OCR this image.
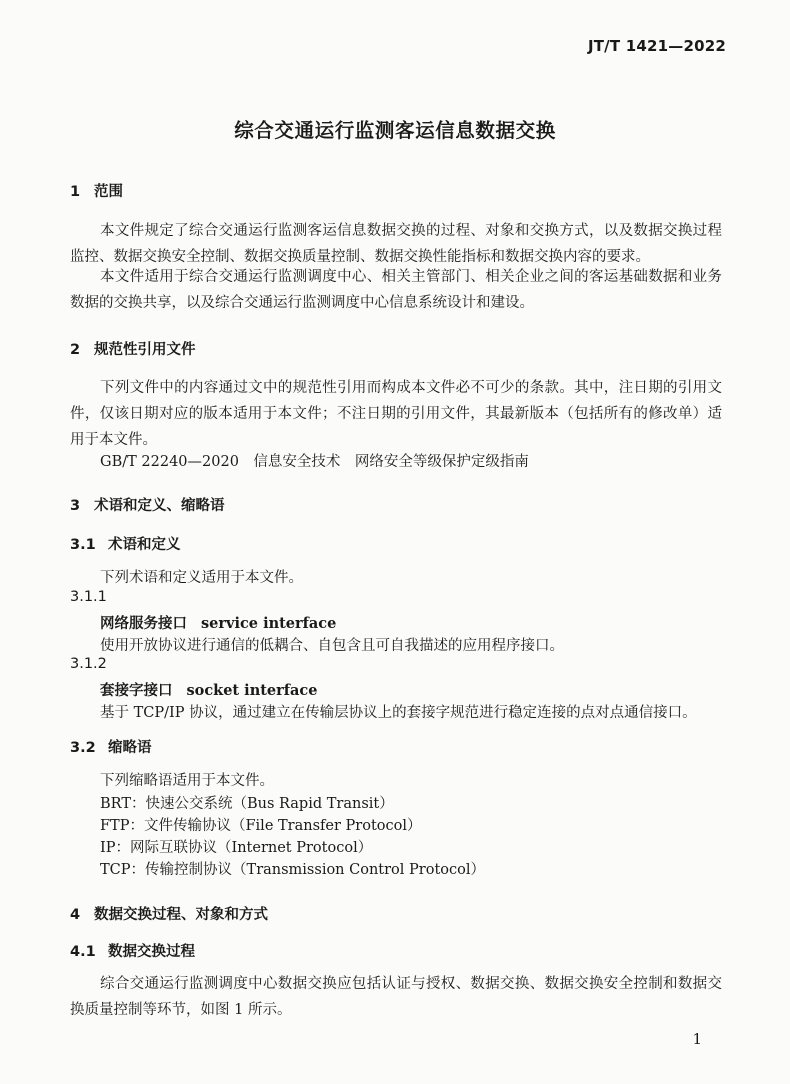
JT/T 1421—2022
综合交通运行监测客运信息数据交换
1 范围
本文件规定了综合交通运行监测客运信息数据交换的过程、对象和交换方式，以及数据交换过程监控、数据交换安全控制、数据交换质量控制、数据交换性能指标和数据交换内容的要求。
本文件适用于综合交通运行监测调度中心、相关主管部门、相关企业之间的客运基础数据和业务数据的交换共享，以及综合交通运行监测调度中心信息系统设计和建设。
2 规范性引用文件
下列文件中的内容通过文中的规范性引用而构成本文件必不可少的条款。其中，注日期的引用文件，仅该日期对应的版本适用于本文件；不注日期的引用文件，其最新版本（包括所有的修改单）适用于本文件。
GB/T 22240—2020　信息安全技术　网络安全等级保护定级指南
3 术语和定义、缩略语
3.1 术语和定义
下列术语和定义适用于本文件。
3.1.1
网络服务接口 service interface
使用开放协议进行通信的低耦合、自包含且可自我描述的应用程序接口。
3.1.2
套接字接口 socket interface
基于 TCP/IP 协议，通过建立在传输层协议上的套接字规范进行稳定连接的点对点通信接口。
3.2 缩略语
下列缩略语适用于本文件。
BRT：快速公交系统（Bus Rapid Transit）
FTP：文件传输协议（File Transfer Protocol）
IP：网际互联协议（Internet Protocol）
TCP：传输控制协议（Transmission Control Protocol）
4 数据交换过程、对象和方式
4.1 数据交换过程
综合交通运行监测调度中心数据交换应包括认证与授权、数据交换、数据交换安全控制和数据交换质量控制等环节，如图 1 所示。
1
